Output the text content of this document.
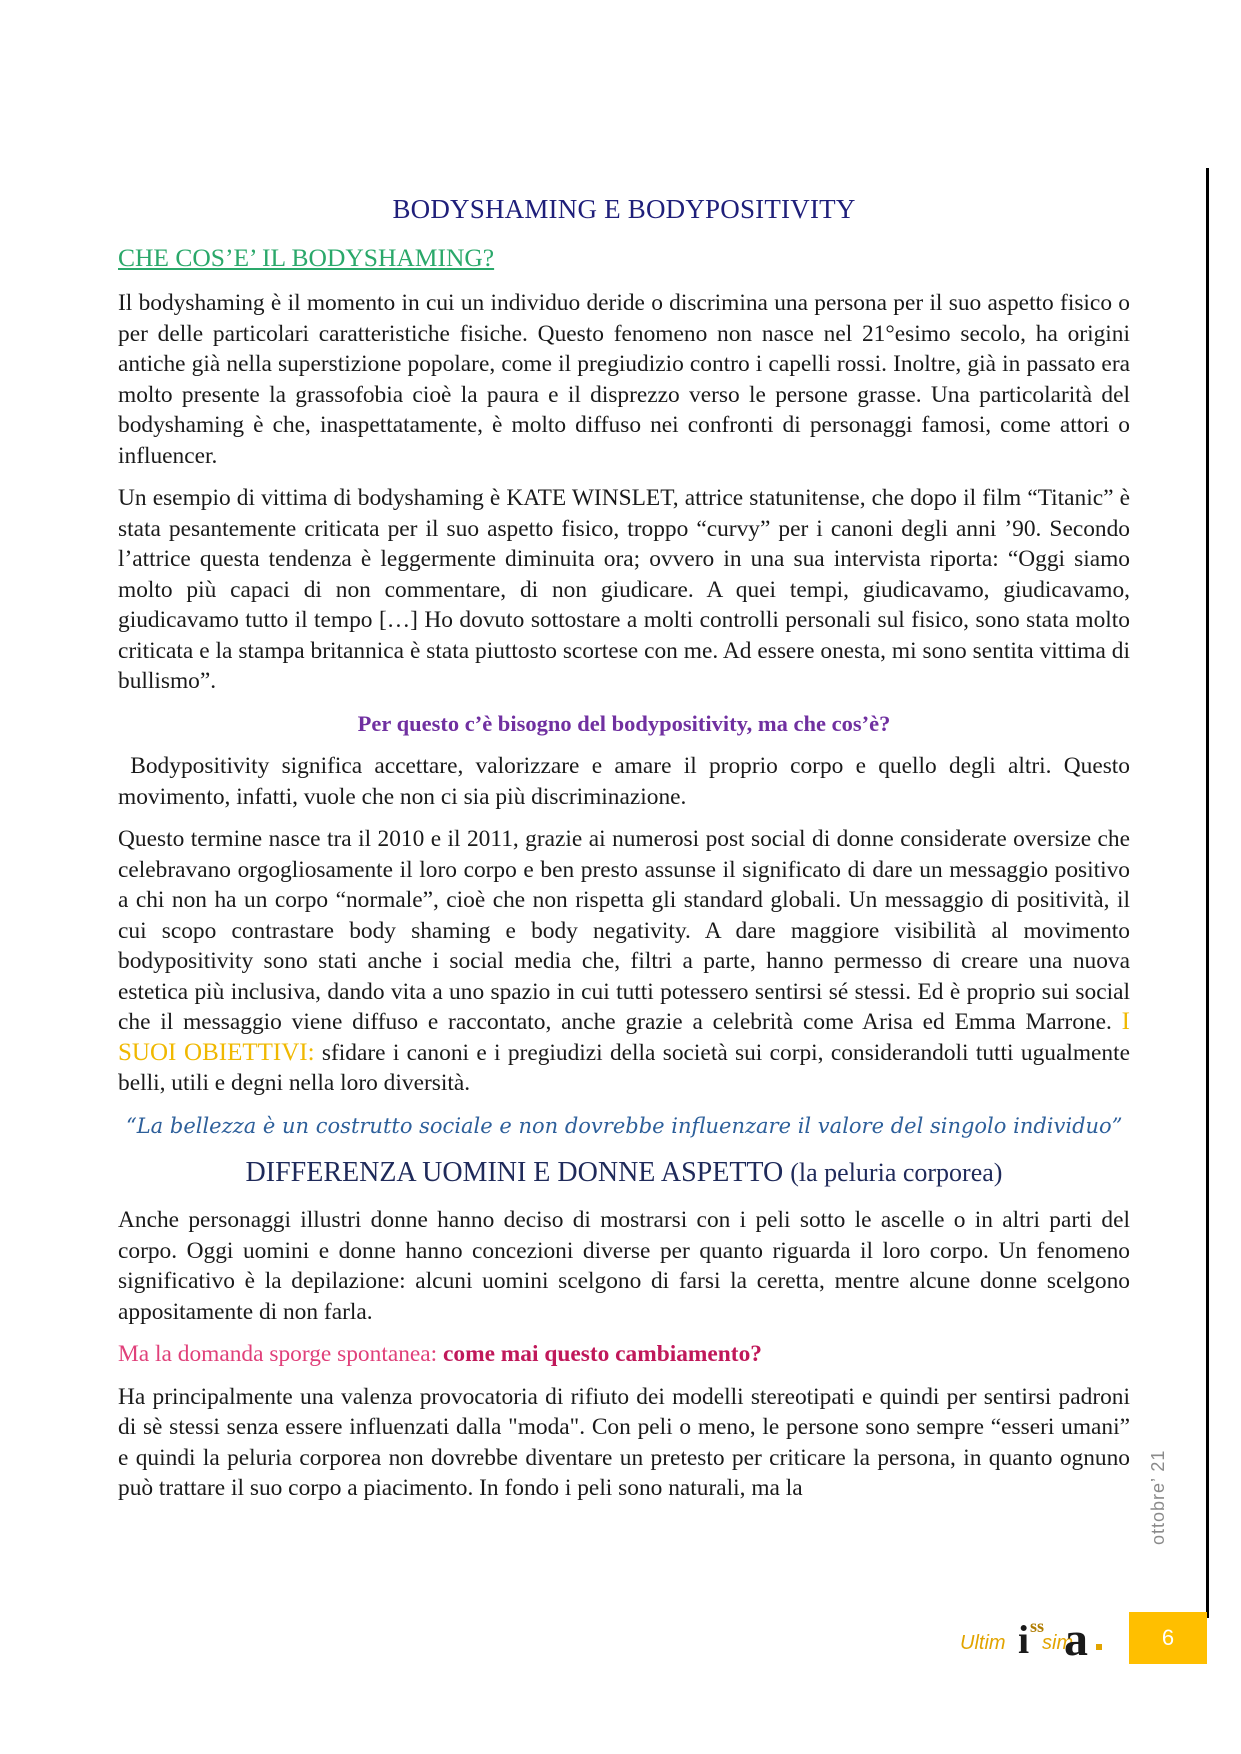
BODYSHAMING E BODYPOSITIVITY
CHE COS’E’ IL BODYSHAMING?

Il bodyshaming è il momento in cui un individuo deride o discrimina una persona per il suo aspetto fisico o per delle particolari caratteristiche fisiche. Questo fenomeno non nasce nel 21°esimo secolo, ha origini antiche già nella superstizione popolare, come il pregiudizio contro i capelli rossi. Inoltre, già in passato era molto presente la grassofobia cioè la paura e il disprezzo verso le persone grasse. Una particolarità del bodyshaming è che, inaspettatamente, è molto diffuso nei confronti di personaggi famosi, come attori o influencer.

Un esempio di vittima di bodyshaming è KATE WINSLET, attrice statunitense, che dopo il film “Titanic” è stata pesantemente criticata per il suo aspetto fisico, troppo “curvy” per i canoni degli anni ’90. Secondo l’attrice questa tendenza è leggermente diminuita ora; ovvero in una sua intervista riporta: “Oggi siamo molto più capaci di non commentare, di non giudicare. A quei tempi, giudicavamo, giudicavamo, giudicavamo tutto il tempo […] Ho dovuto sottostare a molti controlli personali sul fisico, sono stata molto criticata e la stampa britannica è stata piuttosto scortese con me. Ad essere onesta, mi sono sentita vittima di bullismo”.

Per questo c’è bisogno del bodypositivity, ma che cos’è?

Bodypositivity significa accettare, valorizzare e amare il proprio corpo e quello degli altri. Questo movimento, infatti, vuole che non ci sia più discriminazione.

Questo termine nasce tra il 2010 e il 2011, grazie ai numerosi post social di donne considerate oversize che celebravano orgogliosamente il loro corpo e ben presto assunse il significato di dare un messaggio positivo a chi non ha un corpo “normale”, cioè che non rispetta gli standard globali. Un messaggio di positività, il cui scopo contrastare body shaming e body negativity. A dare maggiore visibilità al movimento bodypositivity sono stati anche i social media che, filtri a parte, hanno permesso di creare una nuova estetica più inclusiva, dando vita a uno spazio in cui tutti potessero sentirsi sé stessi. Ed è proprio sui social che il messaggio viene diffuso e raccontato, anche grazie a celebrità come Arisa ed Emma Marrone. I SUOI OBIETTIVI: sfidare i canoni e i pregiudizi della società sui corpi, considerandoli tutti ugualmente belli, utili e degni nella loro diversità.

“La bellezza è un costrutto sociale e non dovrebbe influenzare il valore del singolo individuo”
DIFFERENZA UOMINI E DONNE ASPETTO (la peluria corporea)

Anche personaggi illustri donne hanno deciso di mostrarsi con i peli sotto le ascelle o in altri parti del corpo. Oggi uomini e donne hanno concezioni diverse per quanto riguarda il loro corpo. Un fenomeno significativo è la depilazione: alcuni uomini scelgono di farsi la ceretta, mentre alcune donne scelgono appositamente di non farla.

Ma la domanda sporge spontanea: come mai questo cambiamento?

Ha principalmente una valenza provocatoria di rifiuto dei modelli stereotipati e quindi per sentirsi padroni di sè stessi senza essere influenzati dalla "moda". Con peli o meno, le persone sono sempre “esseri umani” e quindi la peluria corporea non dovrebbe diventare un pretesto per criticare la persona, in quanto ognuno può trattare il suo corpo a piacimento. In fondo i peli sono naturali, ma la	ottobre’ 21
Ultim i ss
sim
a	6
